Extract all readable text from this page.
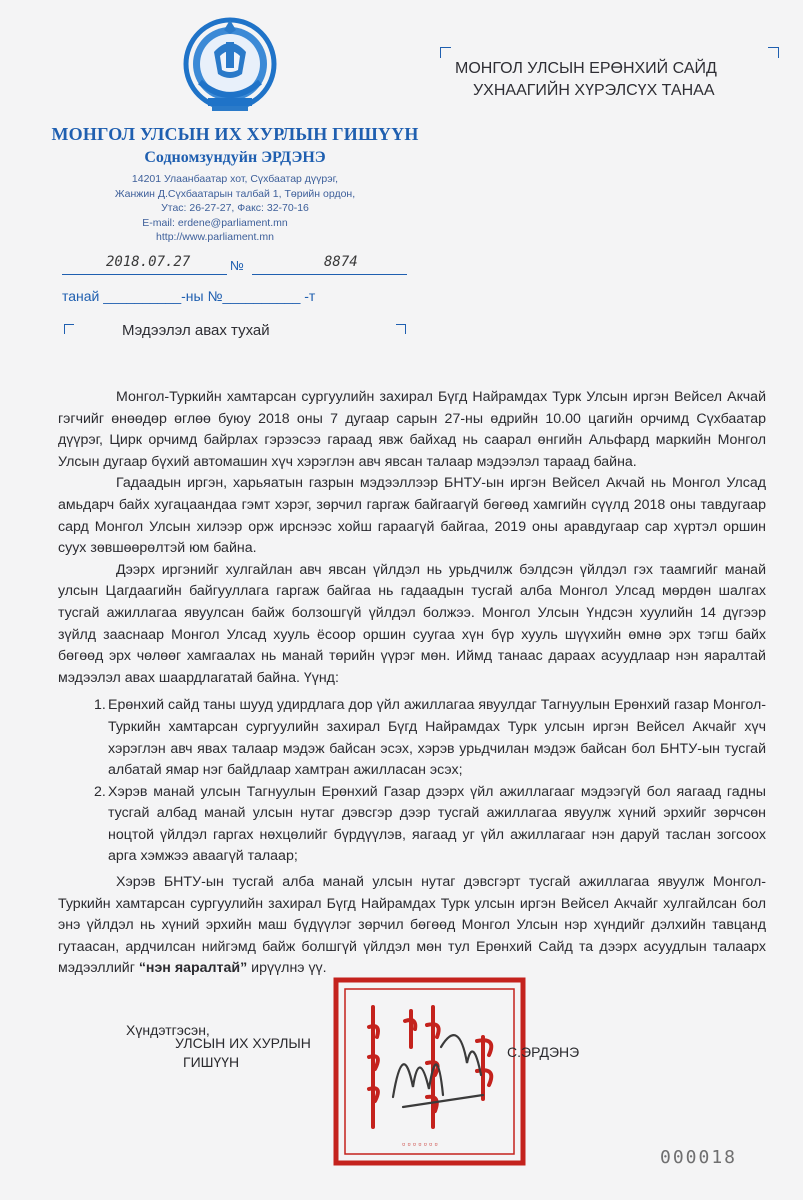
МОНГОЛ УЛСЫН ИХ ХУРЛЫН ГИШҮҮН
Содномзундуйн ЭРДЭНЭ
14201 Улаанбаатар хот, Сүхбаатар дүүрэг,
Жанжин Д.Сүхбаатарын талбай 1, Төрийн ордон,
Утас: 26-27-27, Факс: 32-70-16
E-mail: erdene@parliament.mn
http://www.parliament.mn
МОНГОЛ УЛСЫН ЕРӨНХИЙ САЙД
УХНААГИЙН ХҮРЭЛСҮХ ТАНАА
2018.07.27	№	8874
танай __________-ны №__________ -т
Мэдээлэл авах тухай

Монгол-Туркийн хамтарсан сургуулийн захирал Бүгд Найрамдах Турк Улсын иргэн Вейсел Акчай гэгчийг өнөөдөр өглөө буюу 2018 оны 7 дугаар сарын 27-ны өдрийн 10.00 цагийн орчимд Сүхбаатар дүүрэг, Цирк орчимд байрлах гэрээсээ гараад явж байхад нь саарал өнгийн Альфард маркийн Монгол Улсын дугаар бүхий автомашин хүч хэрэглэн авч явсан талаар мэдээлэл тараад байна.

Гадаадын иргэн, харьяатын газрын мэдээллээр БНТУ-ын иргэн Вейсел Акчай нь Монгол Улсад амьдарч байх хугацаандаа гэмт хэрэг, зөрчил гаргаж байгаагүй бөгөөд хамгийн сүүлд 2018 оны тавдугаар сард Монгол Улсын хилээр орж ирснээс хойш гараагүй байгаа, 2019 оны аравдугаар сар хүртэл оршин суух зөвшөөрөлтэй юм байна.

Дээрх иргэнийг хулгайлан авч явсан үйлдэл нь урьдчилж бэлдсэн үйлдэл гэх таамгийг манай улсын Цагдаагийн байгууллага гаргаж байгаа нь гадаадын тусгай алба Монгол Улсад мөрдөн шалгах тусгай ажиллагаа явуулсан байж болзошгүй үйлдэл болжээ. Монгол Улсын Үндсэн хуулийн 14 дүгээр зүйлд зааснаар Монгол Улсад хууль ёсоор оршин суугаа хүн бүр хууль шүүхийн өмнө эрх тэгш байх бөгөөд эрх чөлөөг хамгаалах нь манай төрийн үүрэг мөн. Иймд танаас дараах асуудлаар нэн яаралтай мэдээлэл авах шаардлагатай байна. Үүнд:

1. Ерөнхий сайд таны шууд удирдлага дор үйл ажиллагаа явуулдаг Тагнуулын Ерөнхий газар Монгол-Туркийн хамтарсан сургуулийн захирал Бүгд Найрамдах Турк улсын иргэн Вейсел Акчайг хүч хэрэглэн авч явах талаар мэдэж байсан эсэх, хэрэв урьдчилан мэдэж байсан бол БНТУ-ын тусгай албатай ямар нэг байдлаар хамтран ажилласан эсэх;
2. Хэрэв манай улсын Тагнуулын Ерөнхий Газар дээрх үйл ажиллагааг мэдээгүй бол яагаад гадны тусгай албад манай улсын нутаг дэвсгэр дээр тусгай ажиллагаа явуулж хүний эрхийг зөрчсөн ноцтой үйлдэл гаргах нөхцөлийг бүрдүүлэв, яагаад уг үйл ажиллагааг нэн даруй таслан зогсоох арга хэмжээ аваагүй талаар;

Хэрэв БНТУ-ын тусгай алба манай улсын нутаг дэвсгэрт тусгай ажиллагаа явуулж Монгол-Туркийн хамтарсан сургуулийн захирал Бүгд Найрамдах Турк улсын иргэн Вейсел Акчайг хулгайлсан бол энэ үйлдэл нь хүний эрхийн маш бүдүүлэг зөрчил бөгөөд Монгол Улсын нэр хүндийг дэлхийн тавцанд гутаасан, ардчилсан нийгэмд байж болшгүй үйлдэл мөн тул Ерөнхий Сайд та дээрх асуудлын талаарх мэдээллийг “нэн яаралтай” ирүүлнэ үү.

Хүндэтгэсэн,
УЛСЫН ИХ ХУРЛЫН
ГИШҮҮН
▫▫▫▫▫▫▫
С.ЭРДЭНЭ
000018
